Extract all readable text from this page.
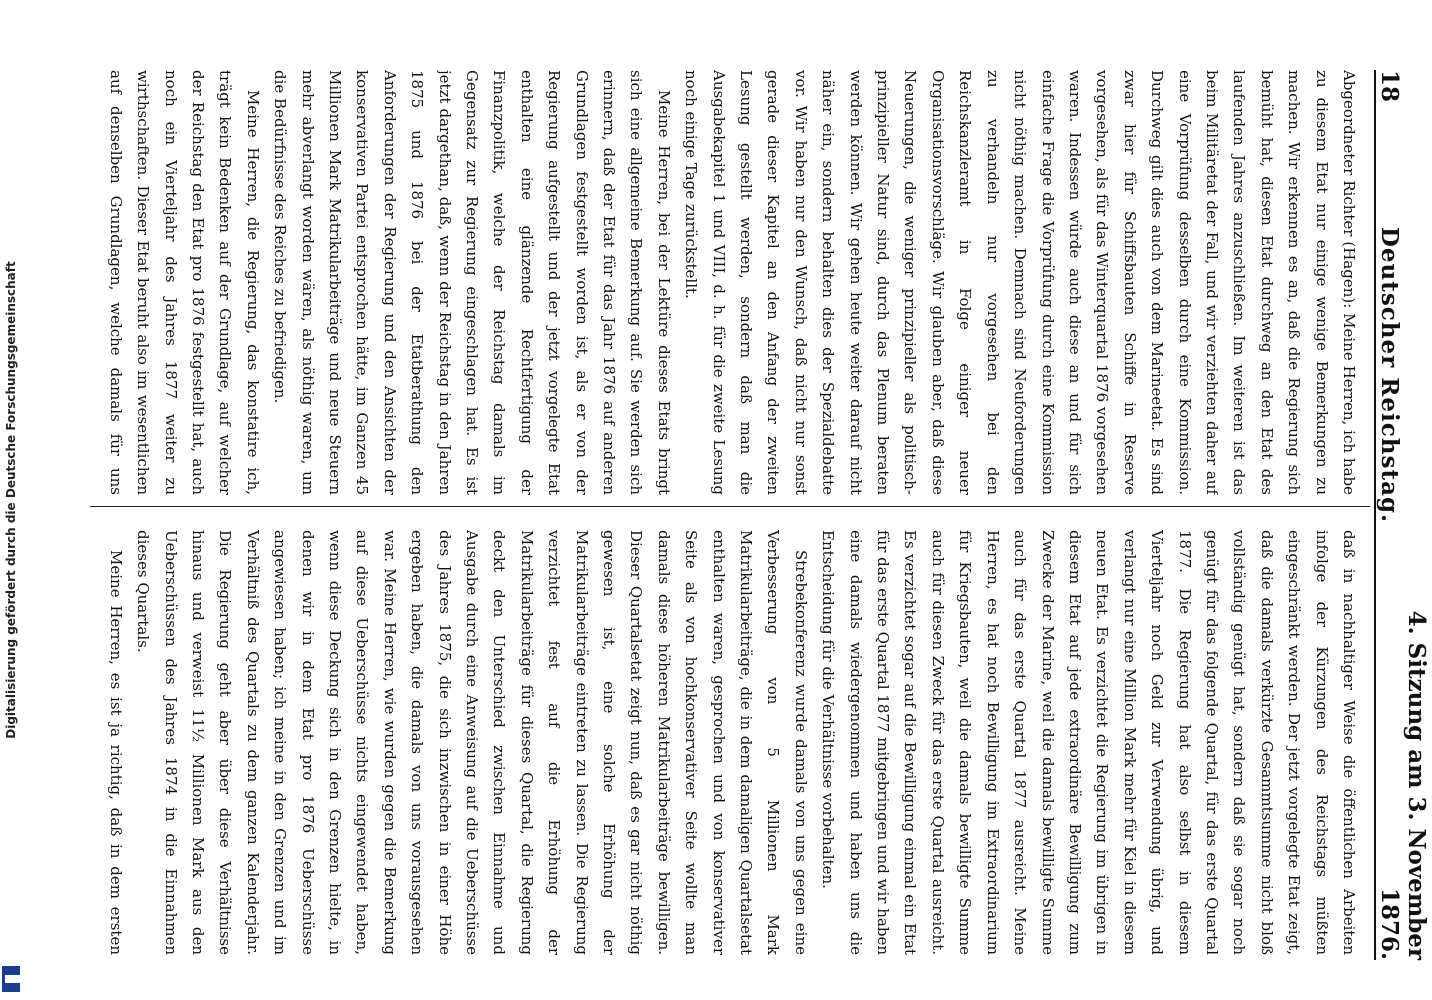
Digitalisierung gefördert durch die Deutsche Forschungsgemeinschaft
18
Deutscher Reichstag.
4. Sitzung am 3. November 1876.

Abgeordneter Richter (Hagen): Meine Herren, ich habe zu diesem Etat nur einige wenige Bemerkungen zu machen. Wir erkennen es an, daß die Regierung sich bemüht hat, diesen Etat durchweg an den Etat des laufenden Jahres anzuschließen. Im weiteren ist das beim Militäretat der Fall, und wir verziehten daher auf eine Vorprüfung desselben durch eine Kommission. Durchweg gilt dies auch von dem Marineetat. Es sind zwar hier für Schiffsbauten Schiffe in Reserve vorgesehen, als für das Winterquartal 1876 vorgesehen waren. Indessen würde auch diese an und für sich einfache Frage die Vorprüfung durch eine Kommission nicht nöthig machen. Demnach sind Neuforderungen zu verhandeln nur vorgesehen bei den Reichskanzleramt in Folge einiger neuer Organisationsvorschläge. Wir glauben aber, daß diese Neuerungen, die weniger prinzipieller als politisch-prinzipieller Natur sind, durch das Plenum beraten werden können. Wir gehen heute weiter darauf nicht näher ein, sondern behalten dies der Spezialdebatte vor. Wir haben nur den Wunsch, daß nicht nur sonst gerade dieser Kapitel an den Anfang der zweiten Lesung gestellt werden, sondern daß man die Ausgabekapitel 1 und VIII, d. h. für die zweite Lesung noch einige Tage zurückstellt.

Meine Herren, bei der Lektüre dieses Etats bringt sich eine allgemeine Bemerkung auf. Sie werden sich erinnern, daß der Etat für das Jahr 1876 auf anderen Grundlagen festgestellt worden ist, als er von der Regierung aufgestellt und der jetzt vorgelegte Etat enthalten eine glänzende Rechtfertigung der Finanzpolitik, welche der Reichstag damals im Gegensatz zur Regierung eingeschlagen hat. Es ist jetzt dargethan, daß, wenn der Reichstag in den Jahren 1875 und 1876 bei der Etatberathung den Anforderungen der Regierung und den Ansichten der konservativen Partei entsprochen hätte, im Ganzen 45 Millionen Mark Matrikularbeiträge und neue Steuern mehr abverlangt worden wären, als nöthig waren, um die Bedürfnisse des Reiches zu befriedigen.

Meine Herren, die Regierung, das konstatire ich, trägt kein Bedenken auf der Grundlage, auf welcher der Reichstag den Etat pro 1876 festgestellt hat, auch noch ein Vierteljahr des Jahres 1877 weiter zu wirthschaften. Dieser Etat beruht also im wesentlichen auf denselben Grundlagen, welche damals für uns

daß in nachhaltiger Weise die öffentlichen Arbeiten infolge der Kürzungen des Reichstags müßten eingeschränkt werden. Der jetzt vorgelegte Etat zeigt, daß die damals verkürzte Gesammtsumme nicht bloß vollständig genügt hat, sondern daß sie sogar noch genügt für das folgende Quartal, für das erste Quartal 1877. Die Regierung hat also selbst in diesem Vierteljahr noch Geld zur Verwendung übrig, und verlangt nur eine Million Mark mehr für Kiel in diesem neuen Etat. Es verzichtet die Regierung im übrigen in diesem Etat auf jede extraordinäre Bewilligung zum Zwecke der Marine, weil die damals bewilligte Summe auch für das erste Quartal 1877 ausreicht. Meine Herren, es hat noch Bewilligung im Extraordinarium für Kriegsbauten, weil die damals bewilligte Summe auch für diesen Zweck für das erste Quartal ausreicht. Es verzichtet sogar auf die Bewilligung einmal ein Etat für das erste Quartal 1877 mitgebringen und wir haben eine damals wiedergenommen und haben uns die Entscheidung für die Verhältnisse vorbehalten.

Strebekonferenz wurde damals von uns gegen eine Verbesserung von 5 Millionen Mark Matrikularbeiträge, die in dem damaligen Quartalsetat enthalten waren, gesprochen und von konservativer Seite als von hochkonservativer Seite wollte man damals diese höheren Matrikularbeiträge bewilligen. Dieser Quartalsetat zeigt nun, daß es gar nicht nöthig gewesen ist, eine solche Erhöhung der Matrikularbeiträge eintreten zu lassen. Die Regierung verzichtet fest auf die Erhöhung der Matrikularbeiträge für dieses Quartal, die Regierung deckt den Unterschied zwischen Einnahme und Ausgabe durch eine Anweisung auf die Ueberschüsse des Jahres 1875, die sich inzwischen in einer Höhe ergeben haben, die damals von uns vorausgesehen war. Meine Herren, wie wurden gegen die Bemerkung auf diese Ueberschüsse nichts eingewendet haben, wenn diese Deckung sich in den Grenzen hielte, in denen wir in dem Etat pro 1876 Ueberschüsse angewiesen haben; ich meine in den Grenzen und im Verhältniß des Quartals zu dem ganzen Kalenderjahr. Die Regierung geht aber über diese Verhältnisse hinaus und verweist 11½ Millionen Mark aus den Ueberschüssen des Jahres 1874 in die Einnahmen dieses Quartals.

Meine Herren, es ist ja richtig, daß in dem ersten
